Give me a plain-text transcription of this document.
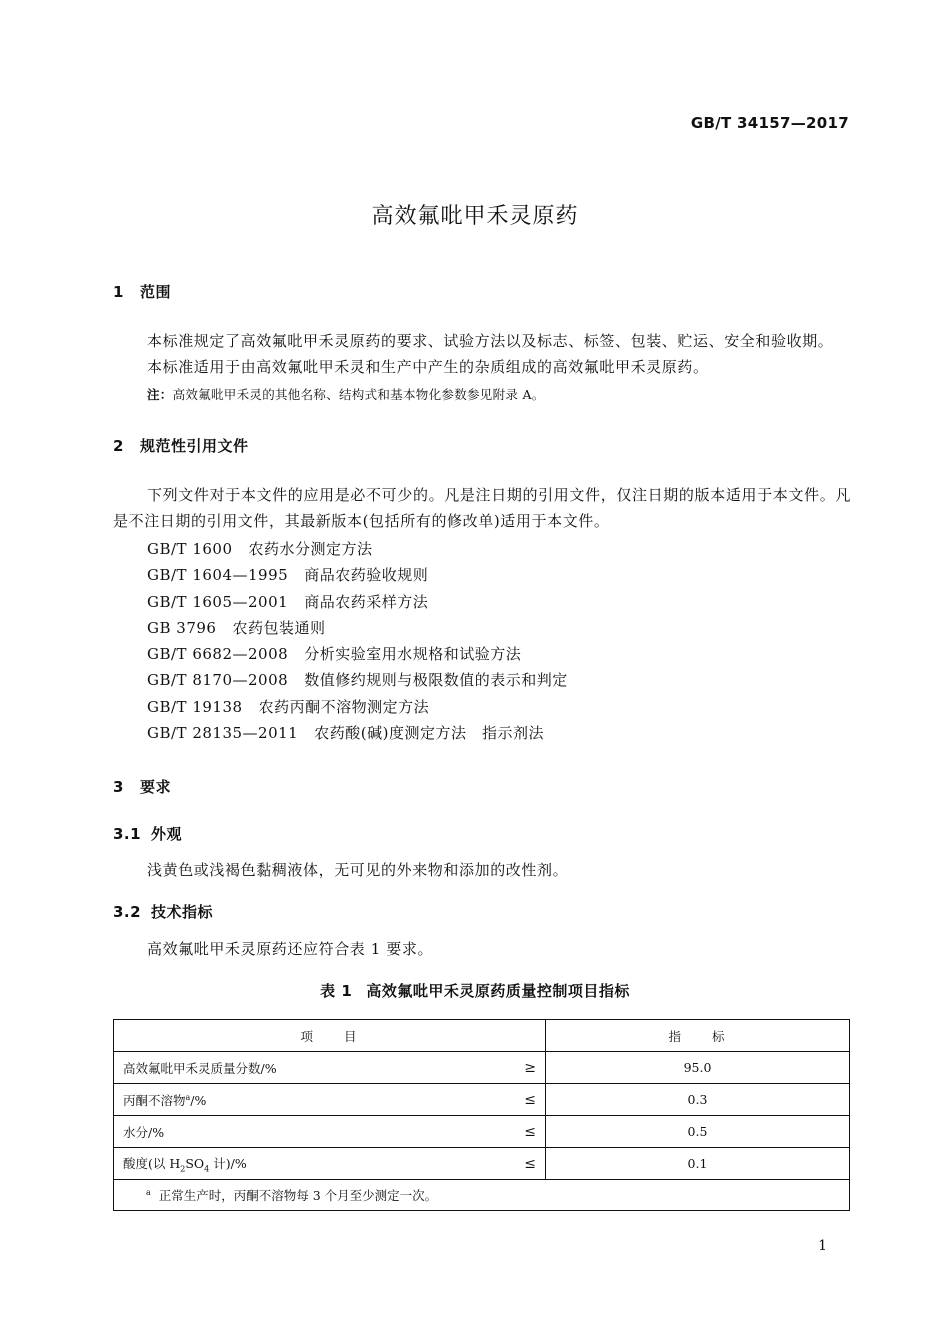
GB/T 34157—2017
高效氟吡甲禾灵原药
1 范围
本标准规定了高效氟吡甲禾灵原药的要求、试验方法以及标志、标签、包装、贮运、安全和验收期。
本标准适用于由高效氟吡甲禾灵和生产中产生的杂质组成的高效氟吡甲禾灵原药。
注：高效氟吡甲禾灵的其他名称、结构式和基本物化参数参见附录 A。
2 规范性引用文件

下列文件对于本文件的应用是必不可少的。凡是注日期的引用文件，仅注日期的版本适用于本文件。凡是不注日期的引用文件，其最新版本(包括所有的修改单)适用于本文件。

GB/T 1600 农药水分测定方法
GB/T 1604—1995 商品农药验收规则
GB/T 1605—2001 商品农药采样方法
GB 3796 农药包装通则
GB/T 6682—2008 分析实验室用水规格和试验方法
GB/T 8170—2008 数值修约规则与极限数值的表示和判定
GB/T 19138 农药丙酮不溶物测定方法
GB/T 28135—2011 农药酸(碱)度测定方法　指示剂法
3 要求
3.1 外观
浅黄色或浅褐色黏稠液体，无可见的外来物和添加的改性剂。
3.2 技术指标
高效氟吡甲禾灵原药还应符合表 1 要求。
表 1 高效氟吡甲禾灵原药质量控制项目指标
项　　目	指　　标

高效氟吡甲禾灵质量分数/% ≥	95.0

丙酮不溶物$^a$/% ≤	0.3

水分/% ≤	0.5

酸度(以 $H_2SO_4$ 计)/% ≤	0.1
$^a$ 正常生产时，丙酮不溶物每 3 个月至少测定一次。	
1
